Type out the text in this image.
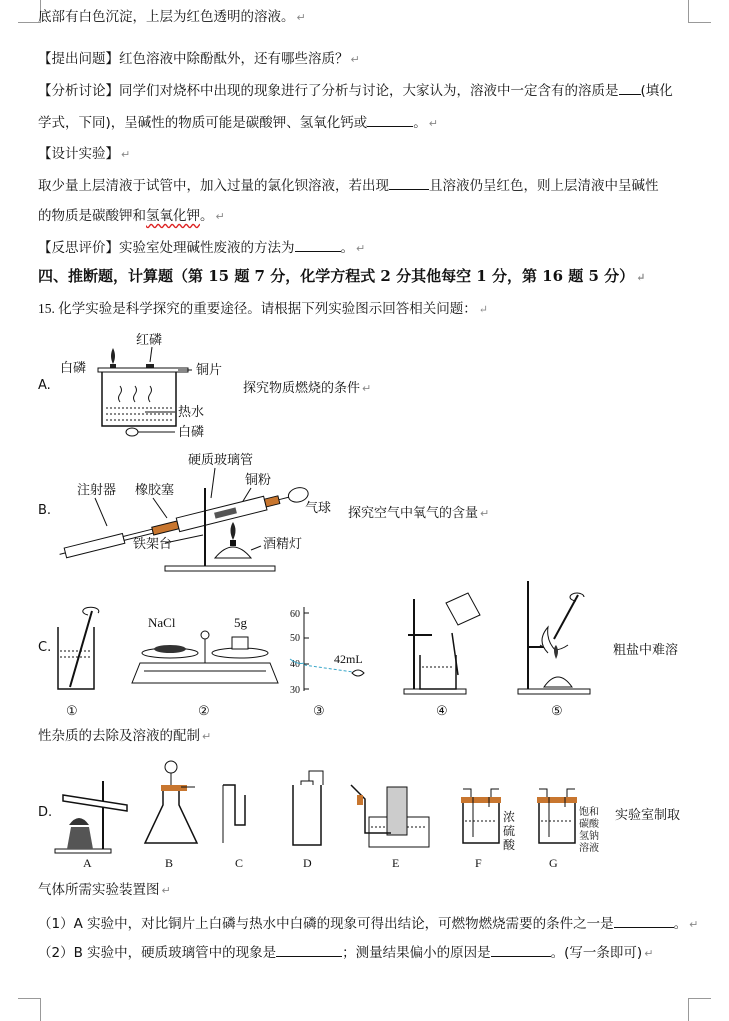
底部有白色沉淀，上层为红色透明的溶液。 ↵
【提出问题】红色溶液中除酚酞外，还有哪些溶质？ ↵
【分析讨论】同学们对烧杯中出现的现象进行了分析与讨论，大家认为，溶液中一定含有的溶质是 (填化
学式，下同)，呈碱性的物质可能是碳酸钾、氢氧化钙或	。 ↵
【设计实验】 ↵
取少量上层清液于试管中，加入过量的氯化钡溶液，若出现	且溶液仍呈红色，则上层清液中呈碱性
的物质是碳酸钾和氢氧化钾。 ↵
【反思评价】实验室处理碱性废液的方法为	。 ↵
四、推断题，计算题（第 15 题 7 分，化学方程式 2 分其他每空 1 分，第 16 题 5 分） ↵
15. 化学实验是科学探究的重要途径。请根据下列实验图示回答相关问题： ↵
A.	探究物质燃烧的条件 ↵
红磷
白磷	铜片
热水
白磷
B.	探究空气中氧气的含量 ↵
硬质玻璃管
铜粉
注射器 橡胶塞
气球
铁架台	酒精灯
C.	粗盐中难溶
①
NaCl	5g
②
60
50
40
30
42mL
③	④	⑤
性杂质的去除及溶液的配制 ↵
D.	实验室制取
A	B	C	D	E
浓
硫
酸
F
饱和
碳酸
氢钠
溶液
G
气体所需实验装置图 ↵
（1）A 实验中，对比铜片上白磷与热水中白磷的现象可得出结论，可燃物燃烧需要的条件之一是	。 ↵
（2）B 实验中，硬质玻璃管中的现象是	；测量结果偏小的原因是	。(写一条即可) ↵
